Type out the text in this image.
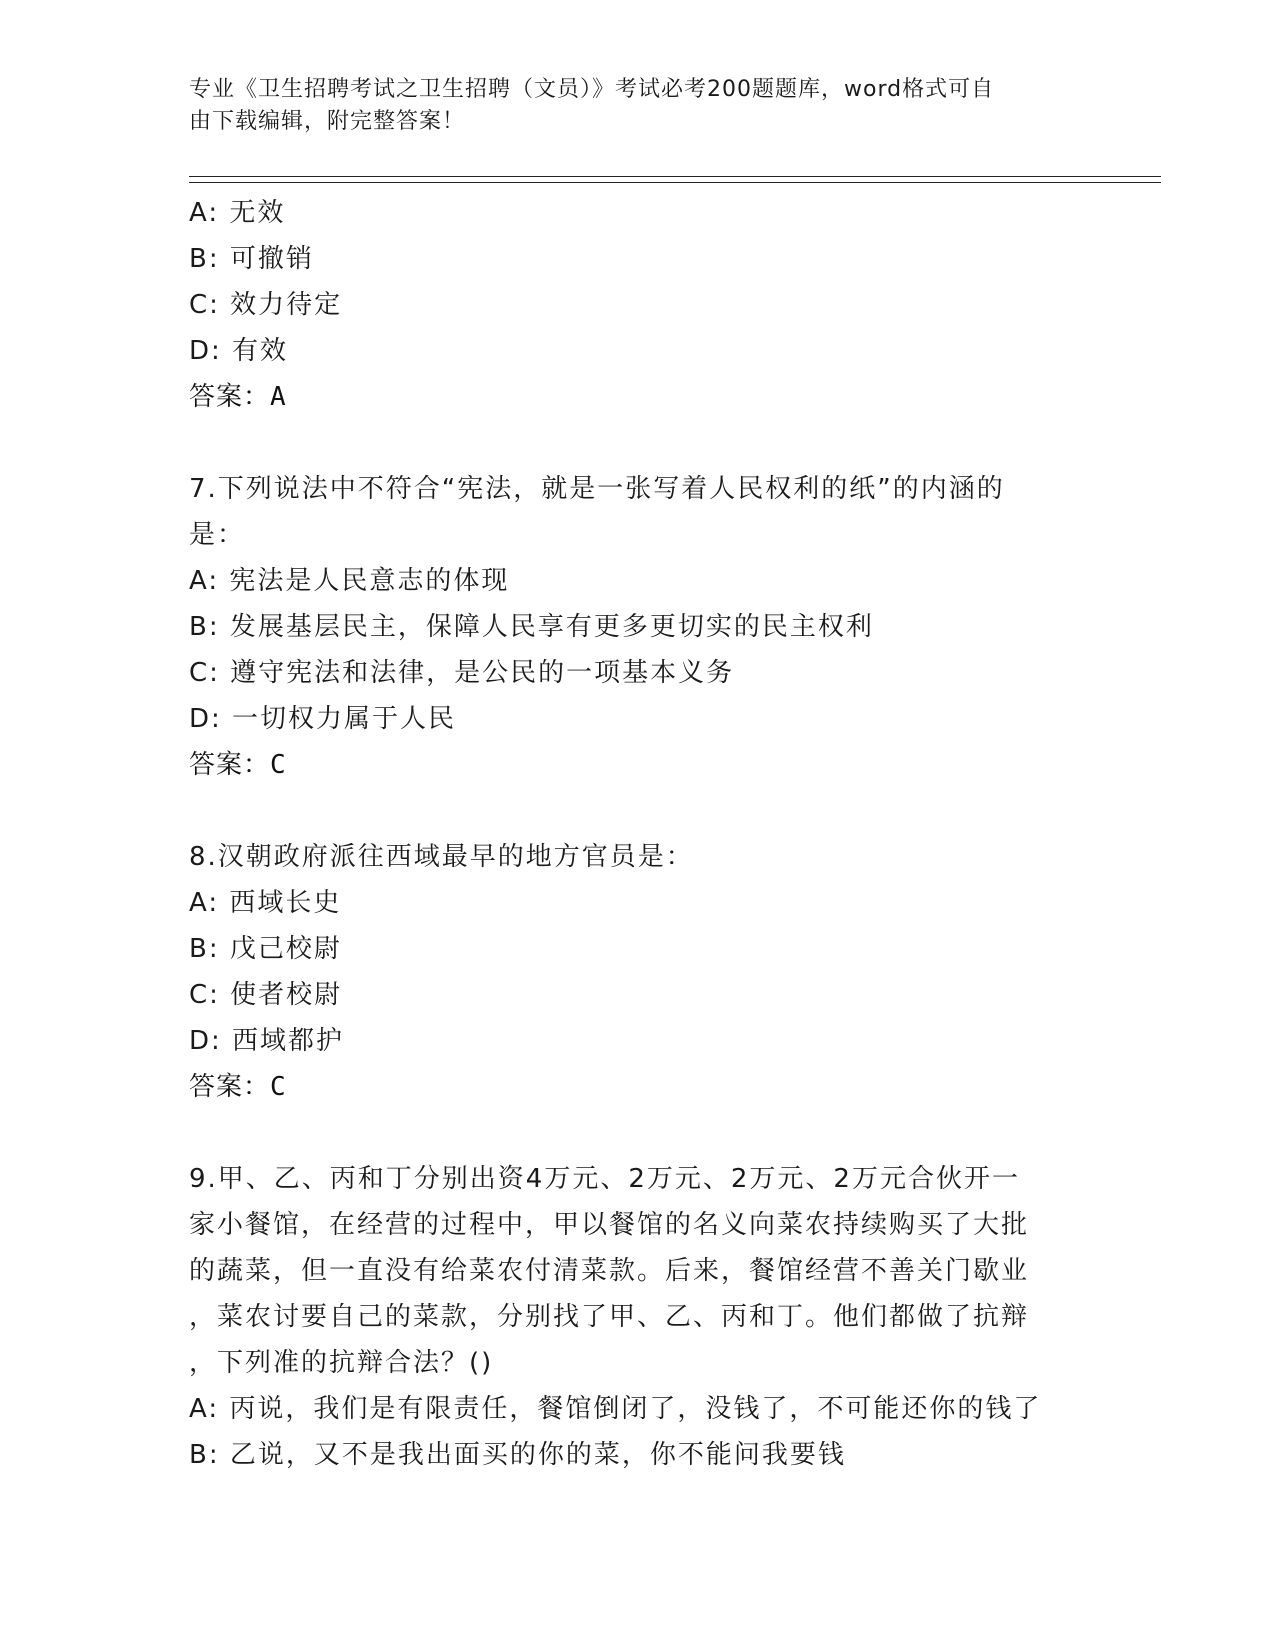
专业《卫生招聘考试之卫生招聘（文员）》考试必考200题题库，word格式可自
由下载编辑，附完整答案！
A: 无效
B: 可撤销
C: 效力待定
D: 有效
答案：A
7.下列说法中不符合“宪法，就是一张写着人民权利的纸”的内涵的
是：
A: 宪法是人民意志的体现
B: 发展基层民主，保障人民享有更多更切实的民主权利
C: 遵守宪法和法律，是公民的一项基本义务
D: 一切权力属于人民
答案：C
8.汉朝政府派往西域最早的地方官员是：
A: 西域长史
B: 戊己校尉
C: 使者校尉
D: 西域都护
答案：C
9.甲、乙、丙和丁分别出资4万元、2万元、2万元、2万元合伙开一
家小餐馆，在经营的过程中，甲以餐馆的名义向菜农持续购买了大批
的蔬菜，但一直没有给菜农付清菜款。后来，餐馆经营不善关门歇业
，菜农讨要自己的菜款，分别找了甲、乙、丙和丁。他们都做了抗辩
，下列准的抗辩合法？()
A: 丙说，我们是有限责任，餐馆倒闭了，没钱了，不可能还你的钱了
B: 乙说，又不是我出面买的你的菜，你不能问我要钱
